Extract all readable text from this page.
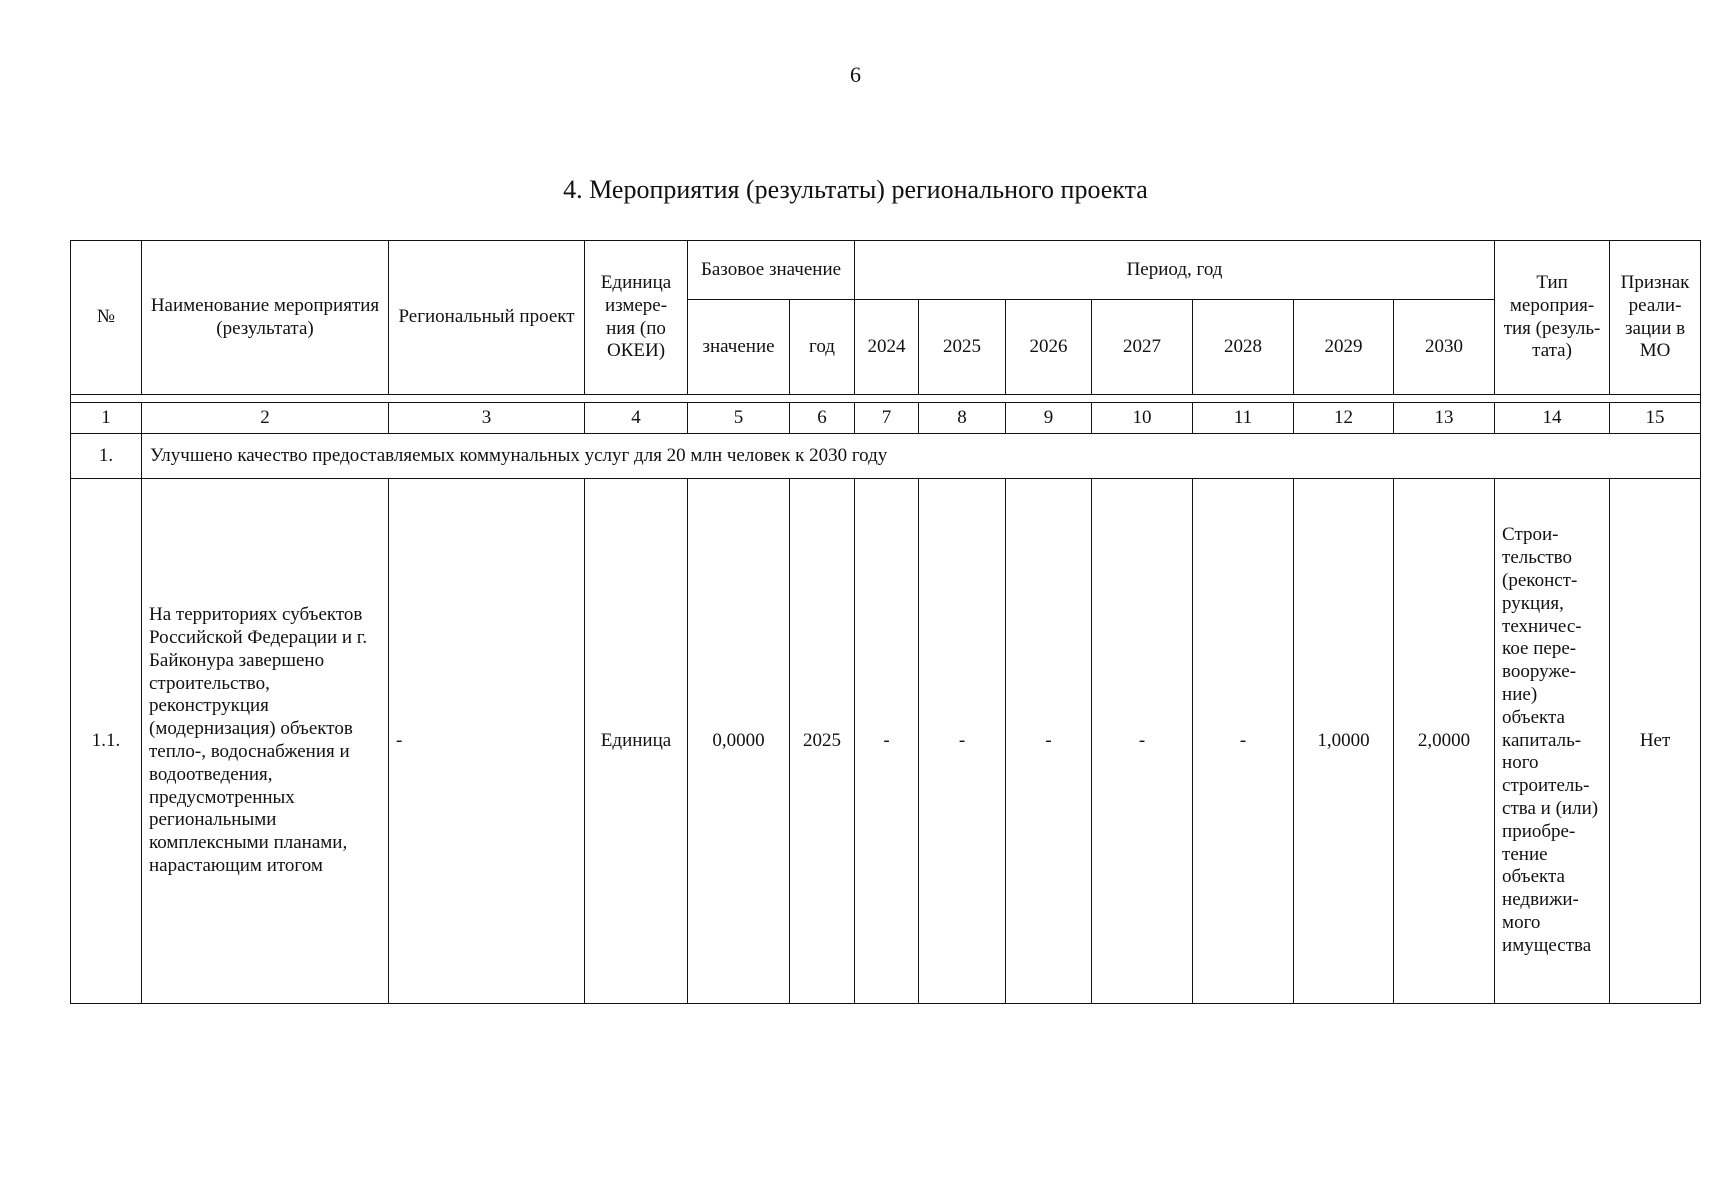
6
4. Мероприятия (результаты) регионального проекта
№	Наименование мероприятия (результата)	Региональный проект	Единица измере- ния (по ОКЕИ)	Базовое значение		Период, год							Тип мероприя- тия (резуль- тата)	Признак реали- зации в МО
				значение	год	2024	2025	2026	2027	2028	2029	2030		

1	2	3	4	5	6	7	8	9	10	11	12	13	14	15
1.	Улучшено качество предоставляемых коммунальных услуг для 20 млн человек к 2030 году													
1.1.	На территориях субъектов Российской Федерации и г. Байконура завершено строительство, реконструкция (модернизация) объектов тепло-, водоснабжения и водоотведения, предусмотренных региональными комплексными планами, нарастающим итогом	-	Единица	0,0000	2025	-	-	-	-	-	1,0000	2,0000	Строи- тельство (реконст- рукция, техничес- кое пере- вооруже- ние) объекта капиталь- ного строитель- ства и (или) приобре- тение объекта недвижи- мого имущества	Нет
